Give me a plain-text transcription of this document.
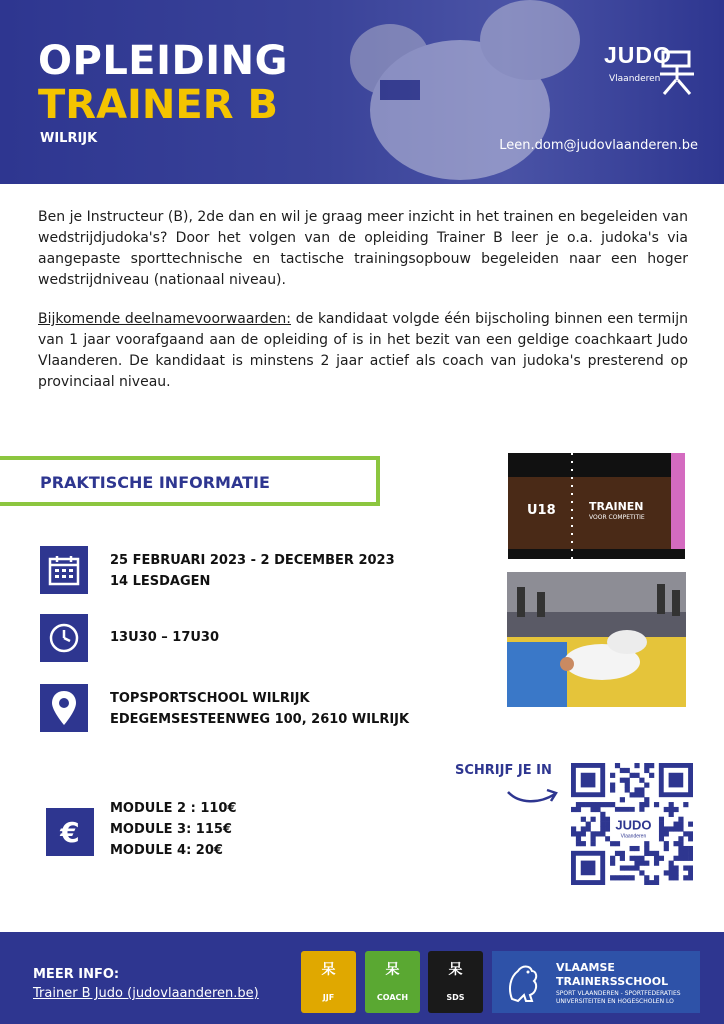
OPLEIDING
TRAINER B
WILRIJK	Leen.dom@judovlaanderen.be
JUDO
Vlaanderen

Ben je Instructeur (B), 2de dan en wil je graag meer inzicht in het trainen en begeleiden van wedstrijdjudoka's? Door het volgen van de opleiding Trainer B leer je o.a. judoka's via aangepaste sporttechnische en tactische trainingsopbouw begeleiden naar een hoger wedstrijdniveau (nationaal niveau).

Bijkomende deelnamevoorwaarden: de kandidaat volgde één bijscholing binnen een termijn van 1 jaar voorafgaand aan de opleiding of is in het bezit van een geldige coachkaart Judo Vlaanderen. De kandidaat is minstens 2 jaar actief als coach van judoka's presterend op provinciaal niveau.

PRAKTISCHE INFORMATIE
25 FEBRUARI 2023 - 2 DECEMBER 2023
14 LESDAGEN
13U30 – 17U30
TOPSPORTSCHOOL WILRIJK
EDEGEMSESTEENWEG 100, 2610 WILRIJK
€
MODULE 2 : 110€
MODULE 3: 115€
MODULE 4: 20€
U18	TRAINEN
VOOR COMPETITIE
SCHRIJF JE IN
JUDO
Vlaanderen
MEER INFO:
Trainer B Judo (judovlaanderen.be)
呆
JJF
呆
COACH
呆
SDS
VLAAMSE
TRAINERSSCHOOL
SPORT VLAANDEREN - SPORTFEDERATIES
UNIVERSITEITEN EN HOGESCHOLEN LO
